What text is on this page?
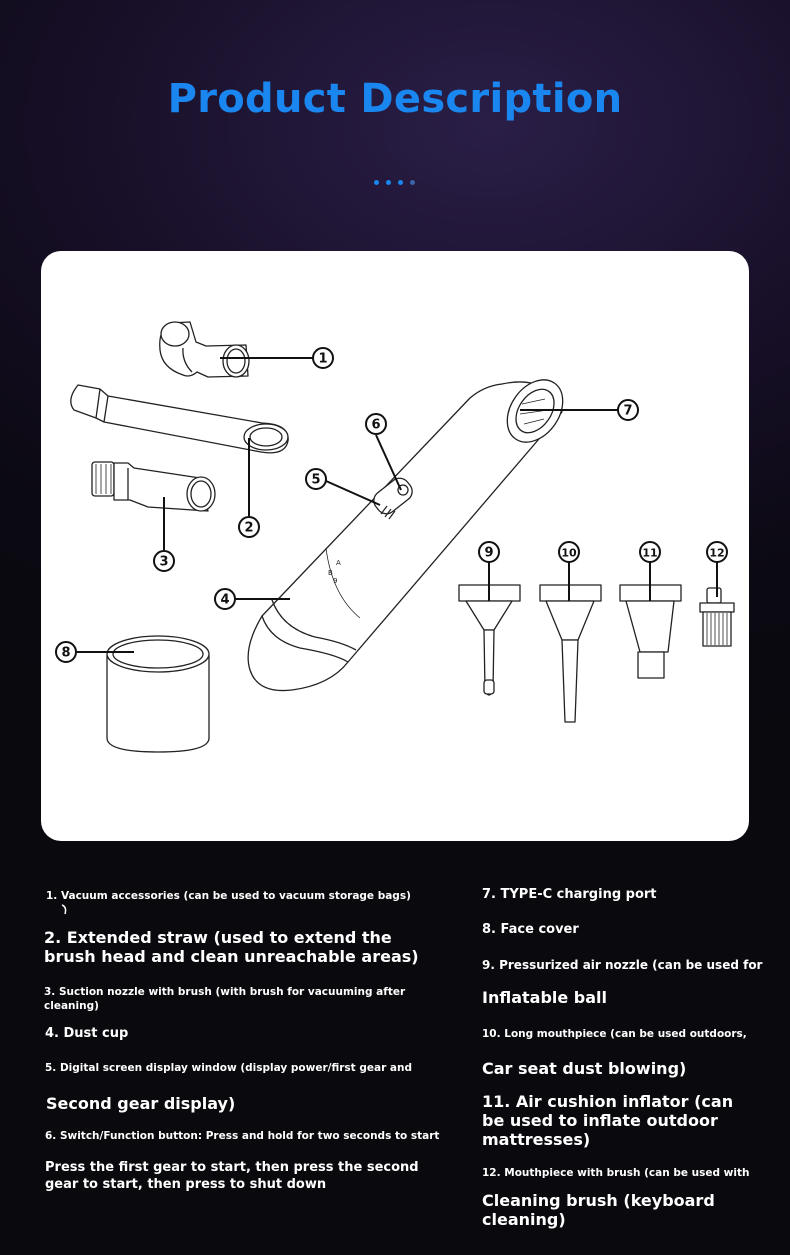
Product Description
A
B
9
1
2
3
4
5
6
7
8
9	10	11	12
1. Vacuum accessories (can be used to vacuum storage bags)
2. Extended straw (used to extend the brush head and clean unreachable areas)
3. Suction nozzle with brush (with brush for vacuuming after cleaning)
4. Dust cup
5. Digital screen display window (display power/first gear and
Second gear display)
6. Switch/Function button: Press and hold for two seconds to start
Press the first gear to start, then press the second gear to start, then press to shut down
7. TYPE-C charging port
8. Face cover
9. Pressurized air nozzle (can be used for
Inflatable ball
10. Long mouthpiece (can be used outdoors,
Car seat dust blowing)
11. Air cushion inflator (can be used to inflate outdoor mattresses)
12. Mouthpiece with brush (can be used with
Cleaning brush (keyboard cleaning)
